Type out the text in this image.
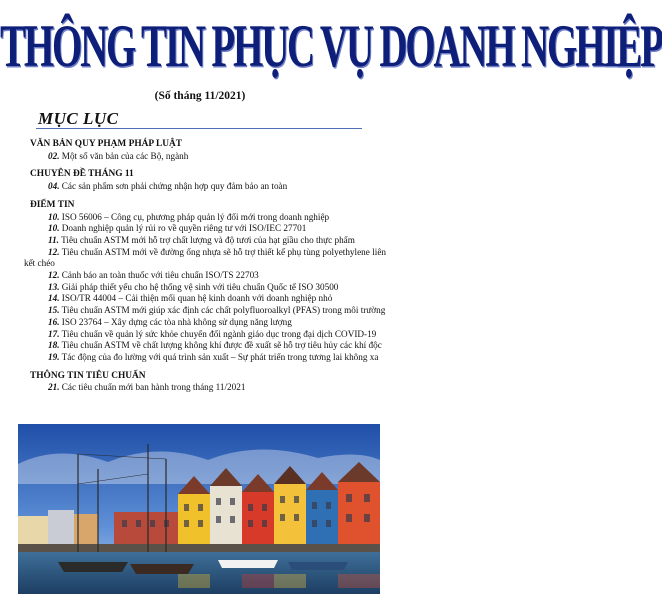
THÔNG TIN PHỤC VỤ DOANH NGHIỆP
(Số tháng 11/2021)
MỤC LỤC
VĂN BẢN QUY PHẠM PHÁP LUẬT

02. Một số văn bản của các Bộ, ngành

CHUYÊN ĐỀ THÁNG 11

04. Các sản phẩm sơn phải chứng nhận hợp quy đảm bảo an toàn

ĐIỂM TIN

10. ISO 56006 – Công cụ, phương pháp quản lý đổi mới trong doanh nghiệp

10. Doanh nghiệp quản lý rủi ro về quyền riêng tư với ISO/IEC 27701

11. Tiêu chuẩn ASTM mới hỗ trợ chất lượng và độ tươi của hạt giầu cho thực phẩm

12. Tiêu chuẩn ASTM mới về đường ống nhựa sẽ hỗ trợ thiết kế phụ tùng polyethylene liên kết chéo

12. Cảnh báo an toàn thuốc với tiêu chuẩn ISO/TS 22703

13. Giải pháp thiết yếu cho hệ thống vệ sinh với tiêu chuẩn Quốc tế ISO 30500

14. ISO/TR 44004 – Cải thiện mối quan hệ kinh doanh với doanh nghiệp nhỏ

15. Tiêu chuẩn ASTM mới giúp xác định các chất polyfluoroalkyl (PFAS) trong môi trường

16. ISO 23764 – Xây dựng các tòa nhà không sử dụng năng lượng

17. Tiêu chuẩn về quản lý sức khỏe chuyển đổi ngành giáo dục trong đại dịch COVID-19

18. Tiêu chuẩn ASTM về chất lượng không khí được đề xuất sẽ hỗ trợ tiêu hủy các khí độc

19. Tác động của đo lường với quá trình sản xuất – Sự phát triển trong tương lai không xa

THÔNG TIN TIÊU CHUẨN

21. Các tiêu chuẩn mới ban hành trong tháng 11/2021
